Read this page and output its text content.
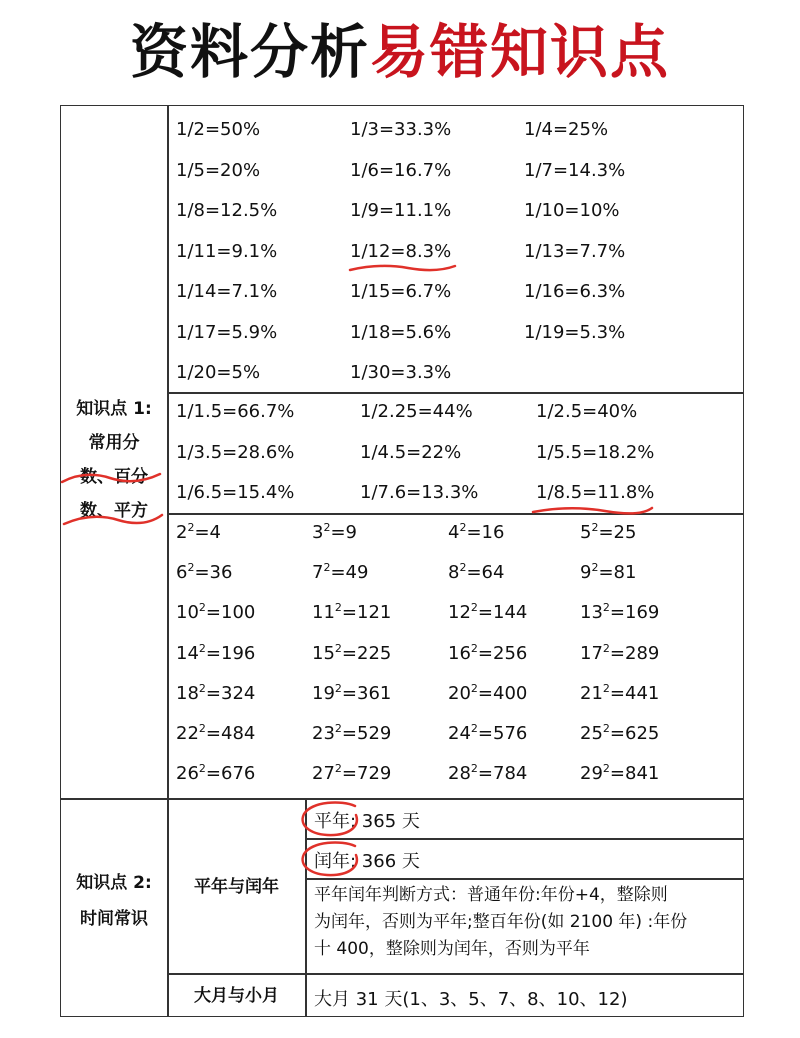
资料分析易错知识点
知识点 1:
常用分
数、百分
数、平方
1/2=50%	1/3=33.3%	1/4=25%
1/5=20%	1/6=16.7%	1/7=14.3%
1/8=12.5%	1/9=11.1%	1/10=10%
1/11=9.1%	1/12=8.3%	1/13=7.7%
1/14=7.1%	1/15=6.7%	1/16=6.3%
1/17=5.9%	1/18=5.6%	1/19=5.3%
1/20=5%	1/30=3.3%
1/1.5=66.7%	1/2.25=44%	1/2.5=40%
1/3.5=28.6%	1/4.5=22%	1/5.5=18.2%
1/6.5=15.4%	1/7.6=13.3%	1/8.5=11.8%
$2^2=4$	$3^2=9$	$4^2=16$	$5^2=25$
$6^2=36$	$7^2=49$	$8^2=64$	$9^2=81$
$10^2=100$	$11^2=121$	$12^2=144$	$13^2=169$
$14^2=196$	$15^2=225$	$16^2=256$	$17^2=289$
$18^2=324$	$19^2=361$	$20^2=400$	$21^2=441$
$22^2=484$	$23^2=529$	$24^2=576$	$25^2=625$
$26^2=676$	$27^2=729$	$28^2=784$	$29^2=841$
知识点 2:
时间常识
平年与闰年
平年: 365 天
闰年: 366 天
平年闰年判断方式：普通年份:年份+4，整除则
为闰年，否则为平年;整百年份(如 2100 年) :年份
十 400，整除则为闰年，否则为平年
大月与小月	大月 31 天(1、3、5、7、8、10、12)
